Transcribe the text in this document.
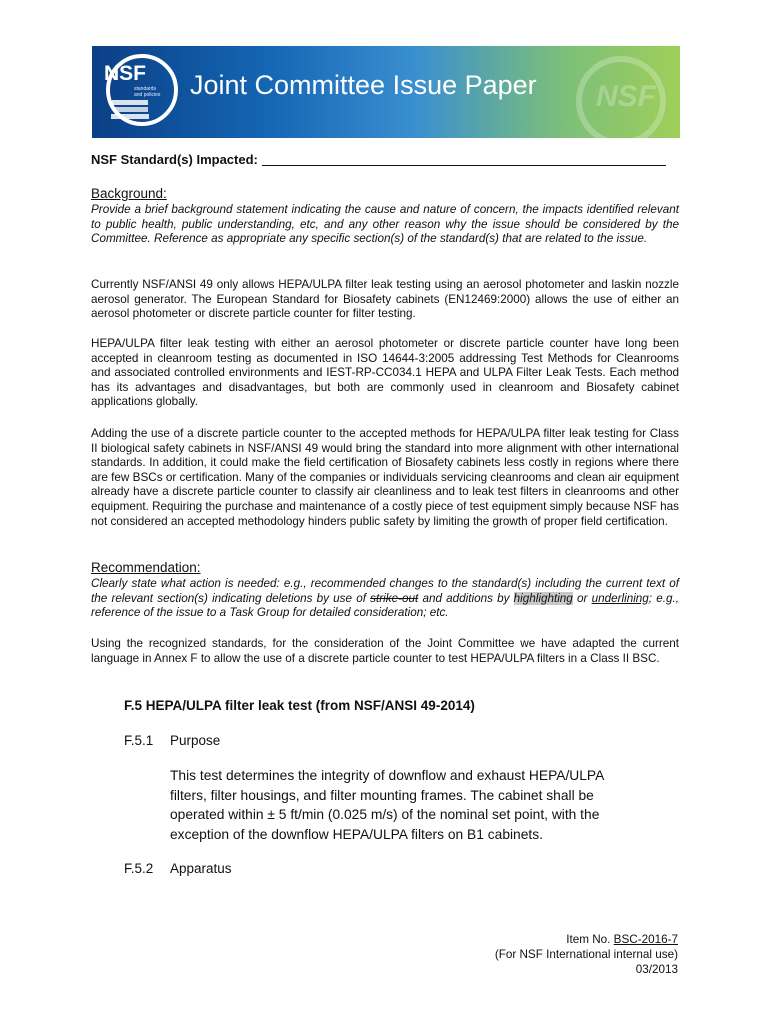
NSF
standards and policies Joint Committee Issue Paper NSF
NSF Standard(s) Impacted:
Background:
Provide a brief background statement indicating the cause and nature of concern, the impacts identified relevant to public health, public understanding, etc, and any other reason why the issue should be considered by the Committee. Reference as appropriate any specific section(s) of the standard(s) that are related to the issue.
Currently NSF/ANSI 49 only allows HEPA/ULPA filter leak testing using an aerosol photometer and laskin nozzle aerosol generator. The European Standard for Biosafety cabinets (EN12469:2000) allows the use of either an aerosol photometer or discrete particle counter for filter testing.
HEPA/ULPA filter leak testing with either an aerosol photometer or discrete particle counter have long been accepted in cleanroom testing as documented in ISO 14644-3:2005 addressing Test Methods for Cleanrooms and associated controlled environments and IEST-RP-CC034.1 HEPA and ULPA Filter Leak Tests. Each method has its advantages and disadvantages, but both are commonly used in cleanroom and Biosafety cabinet applications globally.
Adding the use of a discrete particle counter to the accepted methods for HEPA/ULPA filter leak testing for Class II biological safety cabinets in NSF/ANSI 49 would bring the standard into more alignment with other international standards. In addition, it could make the field certification of Biosafety cabinets less costly in regions where there are few BSCs or certification. Many of the companies or individuals servicing cleanrooms and clean air equipment already have a discrete particle counter to classify air cleanliness and to leak test filters in cleanrooms and other equipment. Requiring the purchase and maintenance of a costly piece of test equipment simply because NSF has not considered an accepted methodology hinders public safety by limiting the growth of proper field certification.
Recommendation:
Clearly state what action is needed: e.g., recommended changes to the standard(s) including the current text of the relevant section(s) indicating deletions by use of strike-out and additions by highlighting or underlining; e.g., reference of the issue to a Task Group for detailed consideration; etc.
Using the recognized standards, for the consideration of the Joint Committee we have adapted the current language in Annex F to allow the use of a discrete particle counter to test HEPA/ULPA filters in a Class II BSC.
F.5 HEPA/ULPA filter leak test (from NSF/ANSI 49-2014)
F.5.1 Purpose
This test determines the integrity of downflow and exhaust HEPA/ULPA filters, filter housings, and filter mounting frames. The cabinet shall be operated within ± 5 ft/min (0.025 m/s) of the nominal set point, with the exception of the downflow HEPA/ULPA filters on B1 cabinets.
F.5.2 Apparatus
Item No. BSC-2016-7
(For NSF International internal use)
03/2013
